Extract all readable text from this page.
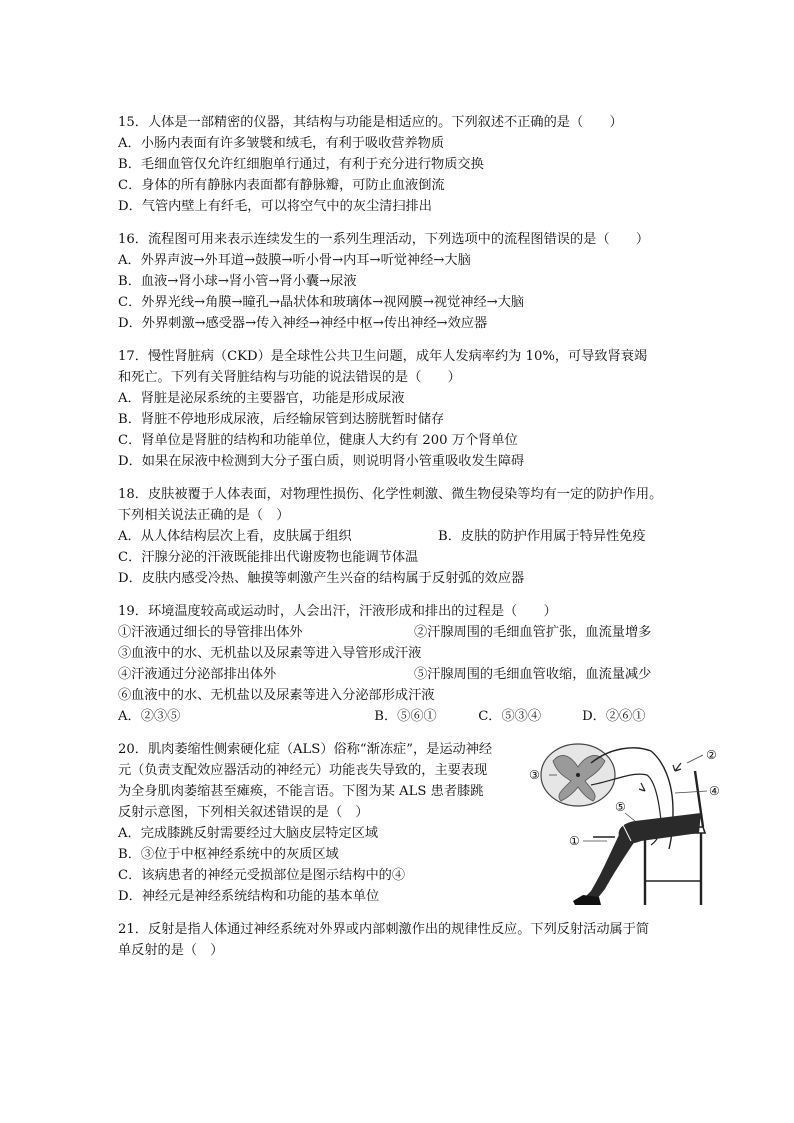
15．人体是一部精密的仪器，其结构与功能是相适应的。下列叙述不正确的是（　　）
A．小肠内表面有许多皱襞和绒毛，有利于吸收营养物质
B．毛细血管仅允许红细胞单行通过，有利于充分进行物质交换
C．身体的所有静脉内表面都有静脉瓣，可防止血液倒流
D．气管内壁上有纤毛，可以将空气中的灰尘清扫排出
16．流程图可用来表示连续发生的一系列生理活动，下列选项中的流程图错误的是（　　）
A．外界声波→外耳道→鼓膜→听小骨→内耳→听觉神经→大脑
B．血液→肾小球→肾小管→肾小囊→尿液
C．外界光线→角膜→瞳孔→晶状体和玻璃体→视网膜→视觉神经→大脑
D．外界刺激→感受器→传入神经→神经中枢→传出神经→效应器
17．慢性肾脏病（CKD）是全球性公共卫生问题，成年人发病率约为 10%，可导致肾衰竭
和死亡。下列有关肾脏结构与功能的说法错误的是（　　）
A．肾脏是泌尿系统的主要器官，功能是形成尿液
B．肾脏不停地形成尿液，后经输尿管到达膀胱暂时储存
C．肾单位是肾脏的结构和功能单位，健康人大约有 200 万个肾单位
D．如果在尿液中检测到大分子蛋白质，则说明肾小管重吸收发生障碍
18．皮肤被覆于人体表面，对物理性损伤、化学性刺激、微生物侵染等均有一定的防护作用。
下列相关说法正确的是（　）
A．从人体结构层次上看，皮肤属于组织	B．皮肤的防护作用属于特异性免疫
C．汗腺分泌的汗液既能排出代谢废物也能调节体温
D．皮肤内感受冷热、触摸等刺激产生兴奋的结构属于反射弧的效应器
19．环境温度较高或运动时，人会出汗，汗液形成和排出的过程是（　　）
①汗液通过细长的导管排出体外	②汗腺周围的毛细血管扩张，血流量增多
③血液中的水、无机盐以及尿素等进入导管形成汗液
④汗液通过分泌部排出体外	⑤汗腺周围的毛细血管收缩，血流量减少
⑥血液中的水、无机盐以及尿素等进入分泌部形成汗液
A．②③⑤	B．⑤⑥①	C．⑤③④	D．②⑥①
20．肌肉萎缩性侧索硬化症（ALS）俗称“渐冻症”，是运动神经
元（负责支配效应器活动的神经元）功能丧失导致的，主要表现
为全身肌肉萎缩甚至瘫痪，不能言语。下图为某 ALS 患者膝跳
反射示意图，下列相关叙述错误的是（　）
A．完成膝跳反射需要经过大脑皮层特定区域
B．③位于中枢神经系统中的灰质区域
C．该病患者的神经元受损部位是图示结构中的④
D．神经元是神经系统结构和功能的基本单位
②
④
③
⑤
①
21．反射是指人体通过神经系统对外界或内部刺激作出的规律性反应。下列反射活动属于简
单反射的是（　）
